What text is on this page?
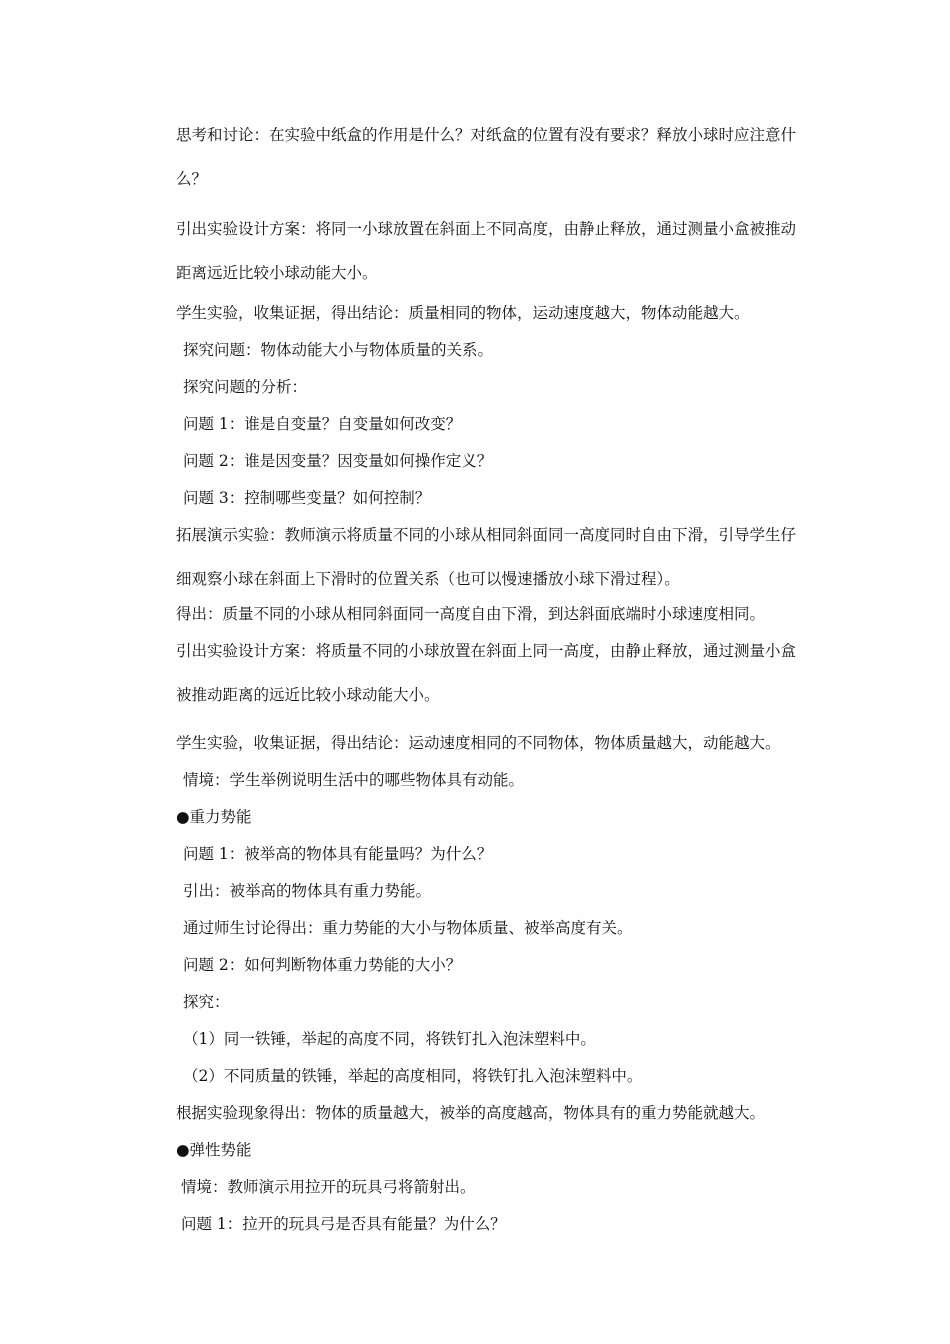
思考和讨论：在实验中纸盒的作用是什么？对纸盒的位置有没有要求？释放小球时应注意什么？

引出实验设计方案：将同一小球放置在斜面上不同高度，由静止释放，通过测量小盒被推动距离远近比较小球动能大小。

学生实验，收集证据，得出结论：质量相同的物体，运动速度越大，物体动能越大。

探究问题：物体动能大小与物体质量的关系。

探究问题的分析：

问题 1：谁是自变量？自变量如何改变？

问题 2：谁是因变量？因变量如何操作定义？

问题 3：控制哪些变量？如何控制？

拓展演示实验：教师演示将质量不同的小球从相同斜面同一高度同时自由下滑，引导学生仔细观察小球在斜面上下滑时的位置关系（也可以慢速播放小球下滑过程）。

得出：质量不同的小球从相同斜面同一高度自由下滑，到达斜面底端时小球速度相同。

引出实验设计方案：将质量不同的小球放置在斜面上同一高度，由静止释放，通过测量小盒被推动距离的远近比较小球动能大小。

学生实验，收集证据，得出结论：运动速度相同的不同物体，物体质量越大，动能越大。

情境：学生举例说明生活中的哪些物体具有动能。

●重力势能

问题 1：被举高的物体具有能量吗？为什么？

引出：被举高的物体具有重力势能。

通过师生讨论得出：重力势能的大小与物体质量、被举高度有关。

问题 2：如何判断物体重力势能的大小？

探究：

（1）同一铁锤，举起的高度不同，将铁钉扎入泡沫塑料中。

（2）不同质量的铁锤，举起的高度相同，将铁钉扎入泡沫塑料中。

根据实验现象得出：物体的质量越大，被举的高度越高，物体具有的重力势能就越大。

●弹性势能

情境：教师演示用拉开的玩具弓将箭射出。

问题 1：拉开的玩具弓是否具有能量？为什么？
